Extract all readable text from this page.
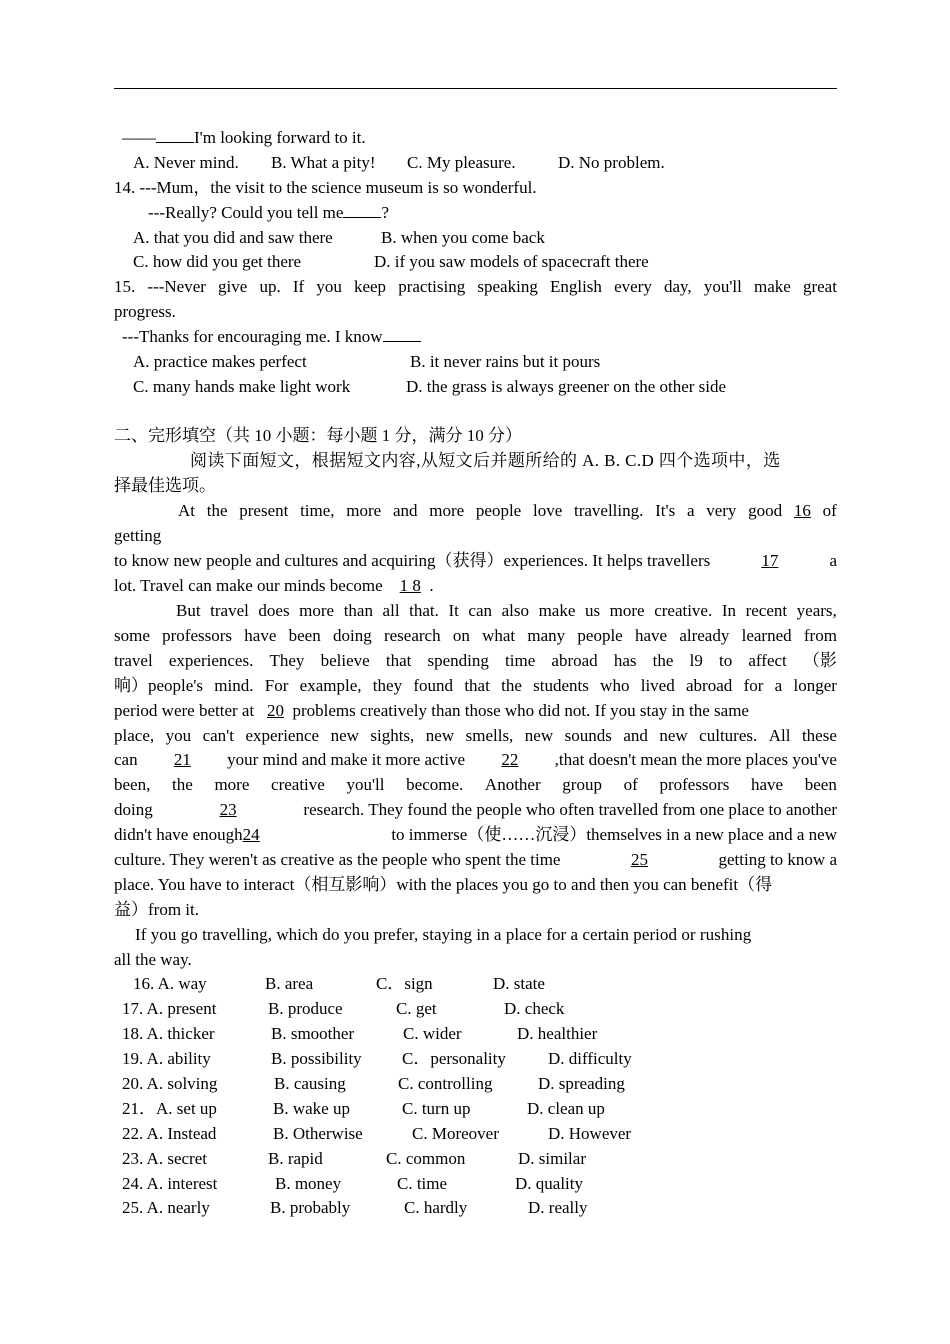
—— I'm looking forward to it.
A. Never mind. B. What a pity! C. My pleasure. D. No problem.
14. ---Mum，the visit to the science museum is so wonderful.
---Really? Could you tell me ?
A. that you did and saw there	B. when you come back
C. how did you get there	D. if you saw models of spacecraft there
15. ---Never give up. If you keep practising speaking English every day, you'll make great
progress.
---Thanks for encouraging me. I know
A. practice makes perfect	B. it never rains but it pours
C. many hands make light work	D. the grass is always greener on the other side
二、完形填空（共 10 小题：每小题 1 分，满分 10 分）
阅读下面短文，根据短文内容,从短文后并题所给的 A. B. C.D 四个选项中，选
择最佳选项。
At the present time, more and more people love travelling. It's a very good 16 of
getting
to know new people and cultures and acquiring（获得）experiences. It helps travellers	17	a
lot. Travel can make our minds become 1 8 .
But travel does more than all that. It can also make us more creative. In recent years,
some professors have been doing research on what many people have already learned from
travel experiences. They believe that spending time abroad has the l9 to affect （影
响）people's mind. For example, they found that the students who lived abroad for a longer
period were better at 20 problems creatively than those who did not. If you stay in the same
place, you can't experience new sights, new smells, new sounds and new cultures. All these
can 21 your mind and make it more active 22 ,that doesn't mean the more places you've
been, the more creative you'll become. Another group of professors have been
doing	23	research. They found the people who often travelled from one place to another
didn't have enough24	to immerse（使……沉浸）themselves in a new place and a new
culture. They weren't as creative as the people who spent the time	25	getting to know a
place. You have to interact（相互影响）with the places you go to and then you can benefit（得
益）from it.
If you go travelling, which do you prefer, staying in a place for a certain period or rushing
all the way.
16. A. way	B. area	C．sign	D. state
17. A. present	B. produce	C. get	D. check
18. A. thicker	B. smoother	C. wider	D. healthier
19. A. ability	B. possibility C．personality D. difficulty
20. A. solving	B. causing	C. controlling	D. spreading
21．A. set up	B. wake up	C. turn up	D. clean up
22. A. Instead	B. Otherwise	C. Moreover	D. However
23. A. secret	B. rapid	C. common	D. similar
24. A. interest	B. money	C. time	D. quality
25. A. nearly	B. probably	C. hardly	D. really
